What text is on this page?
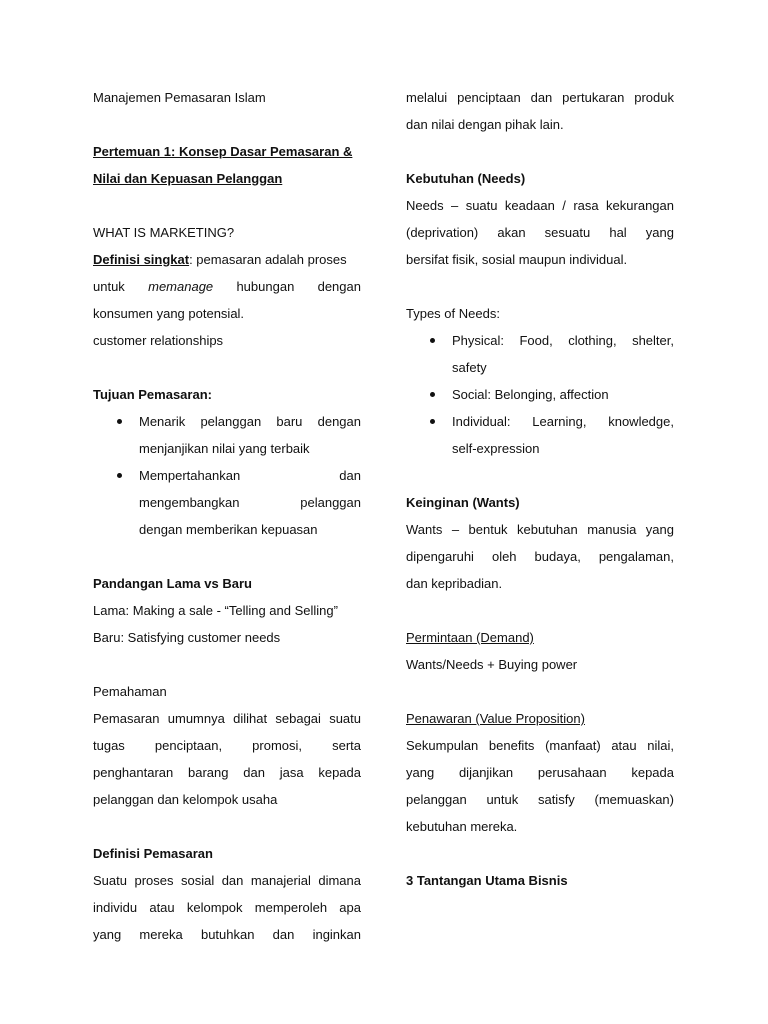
Manajemen Pemasaran Islam
Pertemuan 1: Konsep Dasar Pemasaran &
Nilai dan Kepuasan Pelanggan
WHAT IS MARKETING?
Definisi singkat: pemasaran adalah proses
untuk memanage hubungan dengan
konsumen yang potensial.
customer relationships
Tujuan Pemasaran:
Menarik pelanggan baru dengan
menjanjikan nilai yang terbaik
Mempertahankan dan
mengembangkan pelanggan
dengan memberikan kepuasan
Pandangan Lama vs Baru
Lama: Making a sale - “Telling and Selling”
Baru: Satisfying customer needs
Pemahaman
Pemasaran umumnya dilihat sebagai suatu
tugas penciptaan, promosi, serta
penghantaran barang dan jasa kepada
pelanggan dan kelompok usaha
Definisi Pemasaran
Suatu proses sosial dan manajerial dimana
individu atau kelompok memperoleh apa
yang mereka butuhkan dan inginkan
melalui penciptaan dan pertukaran produk
dan nilai dengan pihak lain.
Kebutuhan (Needs)
Needs – suatu keadaan / rasa kekurangan
(deprivation) akan sesuatu hal yang
bersifat fisik, sosial maupun individual.
Types of Needs:
Physical: Food, clothing, shelter,
safety
Social: Belonging, affection
Individual: Learning, knowledge,
self-expression
Keinginan (Wants)
Wants – bentuk kebutuhan manusia yang
dipengaruhi oleh budaya, pengalaman,
dan kepribadian.
Permintaan (Demand)
Wants/Needs + Buying power
Penawaran (Value Proposition)
Sekumpulan benefits (manfaat) atau nilai,
yang dijanjikan perusahaan kepada
pelanggan untuk satisfy (memuaskan)
kebutuhan mereka.
3 Tantangan Utama Bisnis
